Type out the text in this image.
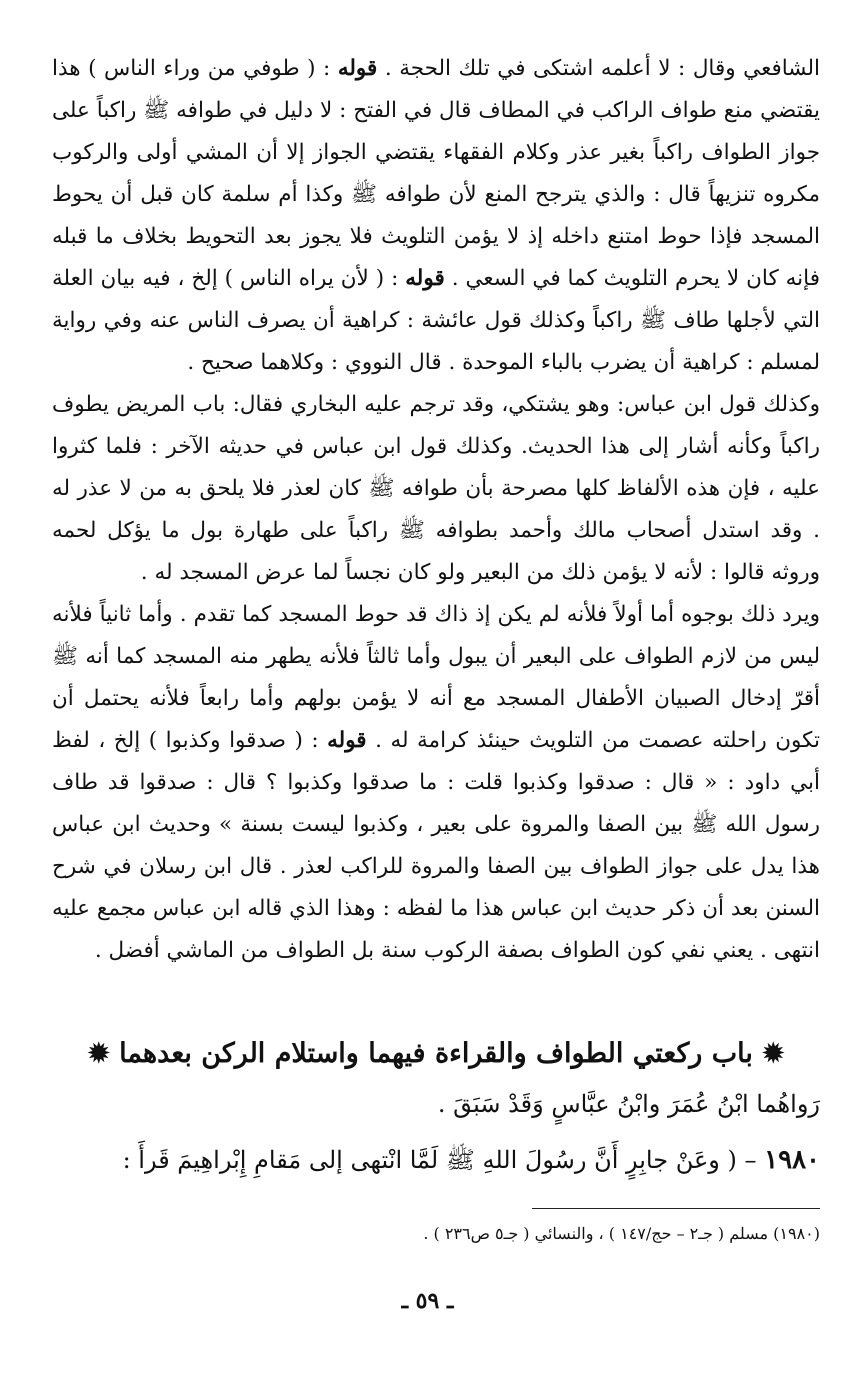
الشافعي وقال : لا أعلمه اشتكى في تلك الحجة . قوله : ( طوفي من وراء الناس ) هذا يقتضي منع طواف الراكب في المطاف قال في الفتح : لا دليل في طوافه ﷺ راكباً على جواز الطواف راكباً بغير عذر وكلام الفقهاء يقتضي الجواز إلا أن المشي أولى والركوب مكروه تنزيهاً قال : والذي يترجح المنع لأن طوافه ﷺ وكذا أم سلمة كان قبل أن يحوط المسجد فإذا حوط امتنع داخله إذ لا يؤمن التلويث فلا يجوز بعد التحويط بخلاف ما قبله فإنه كان لا يحرم التلويث كما في السعي . قوله : ( لأن يراه الناس ) إلخ ، فيه بيان العلة التي لأجلها طاف ﷺ راكباً وكذلك قول عائشة : كراهية أن يصرف الناس عنه وفي رواية لمسلم : كراهية أن يضرب بالباء الموحدة . قال النووي : وكلاهما صحيح .

وكذلك قول ابن عباس: وهو يشتكي، وقد ترجم عليه البخاري فقال: باب المريض يطوف راكباً وكأنه أشار إلى هذا الحديث. وكذلك قول ابن عباس في حديثه الآخر : فلما كثروا عليه ، فإن هذه الألفاظ كلها مصرحة بأن طوافه ﷺ كان لعذر فلا يلحق به من لا عذر له . وقد استدل أصحاب مالك وأحمد بطوافه ﷺ راكباً على طهارة بول ما يؤكل لحمه وروثه قالوا : لأنه لا يؤمن ذلك من البعير ولو كان نجساً لما عرض المسجد له .

ويرد ذلك بوجوه أما أولاً فلأنه لم يكن إذ ذاك قد حوط المسجد كما تقدم . وأما ثانياً فلأنه ليس من لازم الطواف على البعير أن يبول وأما ثالثاً فلأنه يطهر منه المسجد كما أنه ﷺ أقرّ إدخال الصبيان الأطفال المسجد مع أنه لا يؤمن بولهم وأما رابعاً فلأنه يحتمل أن تكون راحلته عصمت من التلويث حينئذ كرامة له . قوله : ( صدقوا وكذبوا ) إلخ ، لفظ أبي داود : « قال : صدقوا وكذبوا قلت : ما صدقوا وكذبوا ؟ قال : صدقوا قد طاف رسول الله ﷺ بين الصفا والمروة على بعير ، وكذبوا ليست بسنة » وحديث ابن عباس هذا يدل على جواز الطواف بين الصفا والمروة للراكب لعذر . قال ابن رسلان في شرح السنن بعد أن ذكر حديث ابن عباس هذا ما لفظه : وهذا الذي قاله ابن عباس مجمع عليه انتهى . يعني نفي كون الطواف بصفة الركوب سنة بل الطواف من الماشي أفضل .

✹ باب ركعتي الطواف والقراءة فيهما واستلام الركن بعدهما ✹
رَواهُما ابْنُ عُمَرَ وابْنُ عبَّاسٍ وَقَدْ سَبَقَ .
١٩٨٠ – ( وعَنْ جابِرٍ أَنَّ رسُولَ اللهِ ﷺ لَمَّا انْتهى إلى مَقامِ إِبْراهِيمَ قَرأَ :
(١٩٨٠) مسلم ( جـ٢ – حج/١٤٧ ) ، والنسائي ( جـ٥ ص٢٣٦ ) .
ـ ٥٩ ـ
